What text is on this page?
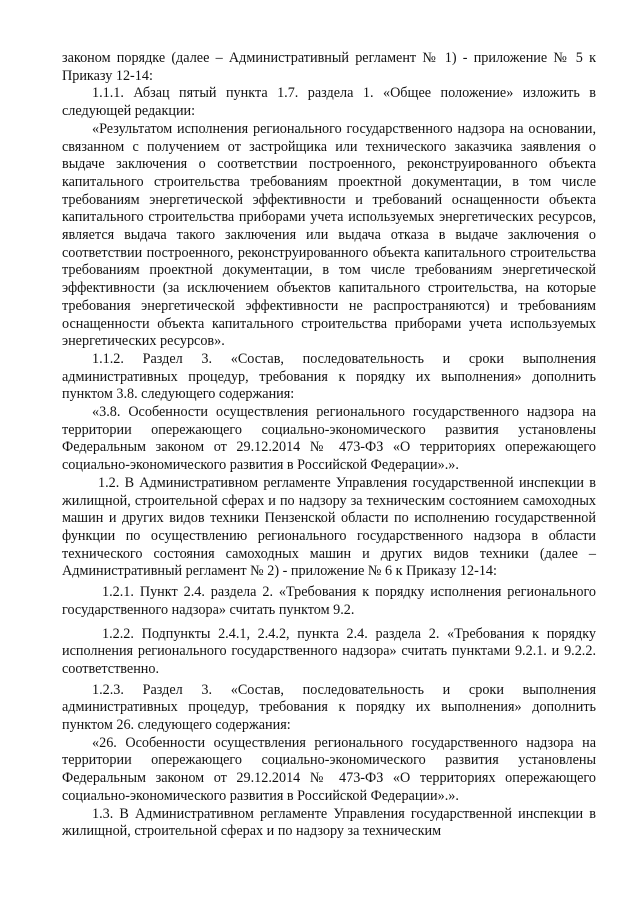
законом порядке (далее – Административный регламент № 1) - приложение № 5 к Приказу 12-14:

1.1.1. Абзац пятый пункта 1.7. раздела 1. «Общее положение» изложить в следующей редакции:

«Результатом исполнения регионального государственного надзора на основании, связанном с получением от застройщика или технического заказчика заявления о выдаче заключения о соответствии построенного, реконструированного объекта капитального строительства требованиям проектной документации, в том числе требованиям энергетической эффективности и требований оснащенности объекта капитального строительства приборами учета используемых энергетических ресурсов, является выдача такого заключения или выдача отказа в выдаче заключения о соответствии построенного, реконструированного объекта капитального строительства требованиям проектной документации, в том числе требованиям энергетической эффективности (за исключением объектов капитального строительства, на которые требования энергетической эффективности не распространяются) и требованиям оснащенности объекта капитального строительства приборами учета используемых энергетических ресурсов».

1.1.2. Раздел 3. «Состав, последовательность и сроки выполнения административных процедур, требования к порядку их выполнения» дополнить пунктом 3.8. следующего содержания:

«3.8. Особенности осуществления регионального государственного надзора на территории опережающего социально-экономического развития установлены Федеральным законом от 29.12.2014 № 473-ФЗ «О территориях опережающего социально-экономического развития в Российской Федерации».».

1.2. В Административном регламенте Управления государственной инспекции в жилищной, строительной сферах и по надзору за техническим состоянием самоходных машин и других видов техники Пензенской области по исполнению государственной функции по осуществлению регионального государственного надзора в области технического состояния самоходных машин и других видов техники (далее – Административный регламент № 2) - приложение № 6 к Приказу 12-14:

1.2.1. Пункт 2.4. раздела 2. «Требования к порядку исполнения регионального государственного надзора» считать пунктом 9.2.

1.2.2. Подпункты 2.4.1, 2.4.2, пункта 2.4. раздела 2. «Требования к порядку исполнения регионального государственного надзора» считать пунктами 9.2.1. и 9.2.2. соответственно.

1.2.3. Раздел 3. «Состав, последовательность и сроки выполнения административных процедур, требования к порядку их выполнения» дополнить пунктом 26. следующего содержания:

«26. Особенности осуществления регионального государственного надзора на территории опережающего социально-экономического развития установлены Федеральным законом от 29.12.2014 № 473-ФЗ «О территориях опережающего социально-экономического развития в Российской Федерации».».

1.3. В Административном регламенте Управления государственной инспекции в жилищной, строительной сферах и по надзору за техническим
